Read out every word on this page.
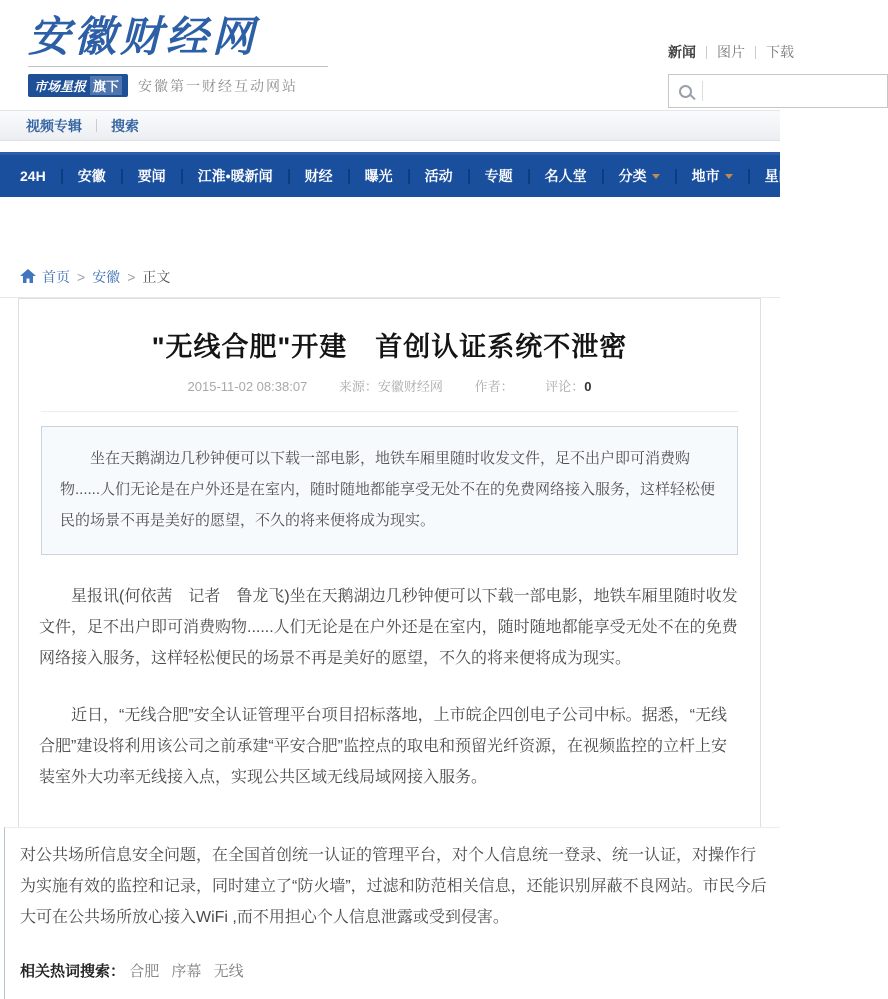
安徽财经网
市场星报 旗下 安徽第一财经互动网站
新闻	图片	下载
视频专辑	搜索
24H 安徽 要闻 江淮•暖新闻 财经 曝光 活动 专题 名人堂 分类	地市	星闻
首页 > 安徽 > 正文
"无线合肥"开建　首创认证系统不泄密
2015-11-02 08:38:07 来源：安徽财经网 作者： 评论：0
坐在天鹅湖边几秒钟便可以下载一部电影，地铁车厢里随时收发文件，足不出户即可消费购物......人们无论是在户外还是在室内，随时随地都能享受无处不在的免费网络接入服务，这样轻松便民的场景不再是美好的愿望，不久的将来便将成为现实。

星报讯(何依茜　记者　鲁龙飞)坐在天鹅湖边几秒钟便可以下载一部电影，地铁车厢里随时收发文件，足不出户即可消费购物......人们无论是在户外还是在室内，随时随地都能享受无处不在的免费网络接入服务，这样轻松便民的场景不再是美好的愿望，不久的将来便将成为现实。

近日，“无线合肥”安全认证管理平台项目招标落地，上市皖企四创电子公司中标。据悉，“无线合肥”建设将利用该公司之前承建“平安合肥”监控点的取电和预留光纤资源，在视频监控的立杆上安装室外大功率无线接入点，实现公共区域无线局域网接入服务。

对公共场所信息安全问题，在全国首创统一认证的管理平台，对个人信息统一登录、统一认证，对操作行为实施有效的监控和记录，同时建立了“防火墙”，过滤和防范相关信息，还能识别屏蔽不良网站。市民今后大可在公共场所放心接入WiFi ,而不用担心个人信息泄露或受到侵害。

相关热词搜索： 合肥 序幕 无线
